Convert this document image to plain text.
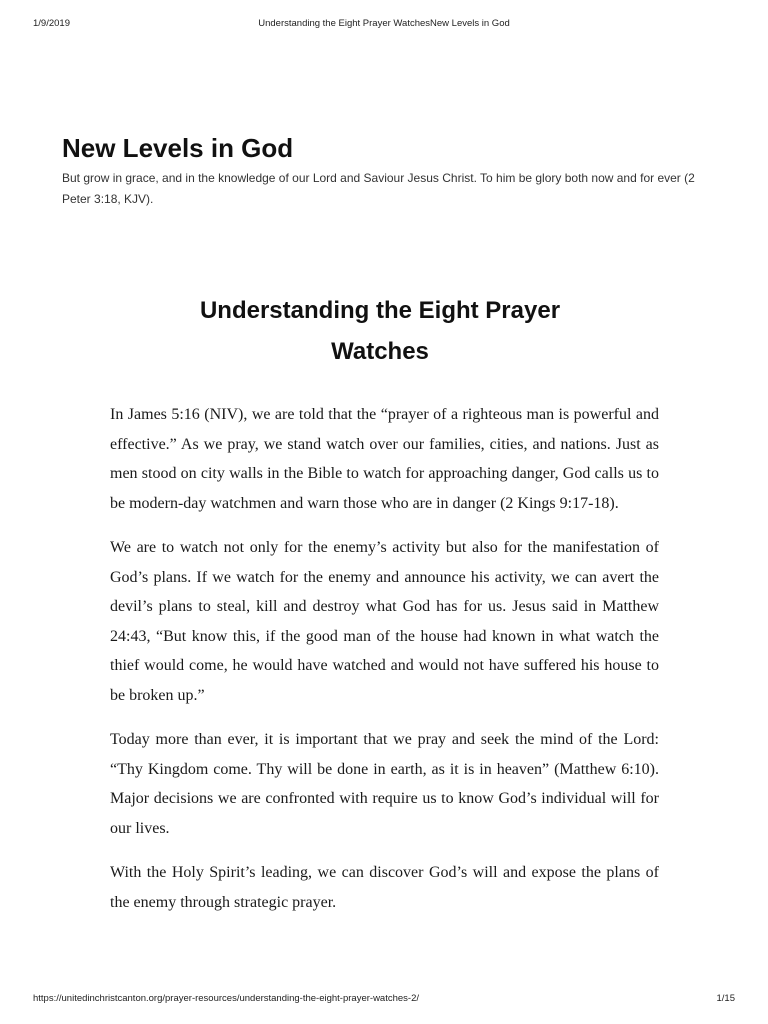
1/9/2019	Understanding the Eight Prayer WatchesNew Levels in God
New Levels in God

But grow in grace, and in the knowledge of our Lord and Saviour Jesus Christ. To him be glory both now and for ever (2 Peter 3:18, KJV).

Understanding the Eight Prayer
Watches

In James 5:16 (NIV), we are told that the “prayer of a righteous man is powerful and effective.” As we pray, we stand watch over our families, cities, and nations. Just as men stood on city walls in the Bible to watch for approaching danger, God calls us to be modern-day watchmen and warn those who are in danger (2 Kings 9:17-18).

We are to watch not only for the enemy’s activity but also for the manifestation of God’s plans. If we watch for the enemy and announce his activity, we can avert the devil’s plans to steal, kill and destroy what God has for us. Jesus said in Matthew 24:43, “But know this, if the good man of the house had known in what watch the thief would come, he would have watched and would not have suffered his house to be broken up.”

Today more than ever, it is important that we pray and seek the mind of the Lord: “Thy Kingdom come. Thy will be done in earth, as it is in heaven” (Matthew 6:10). Major decisions we are confronted with require us to know God’s individual will for our lives.

With the Holy Spirit’s leading, we can discover God’s will and expose the plans of the enemy through strategic prayer.

https://unitedinchristcanton.org/prayer-resources/understanding-the-eight-prayer-watches-2/	1/15
